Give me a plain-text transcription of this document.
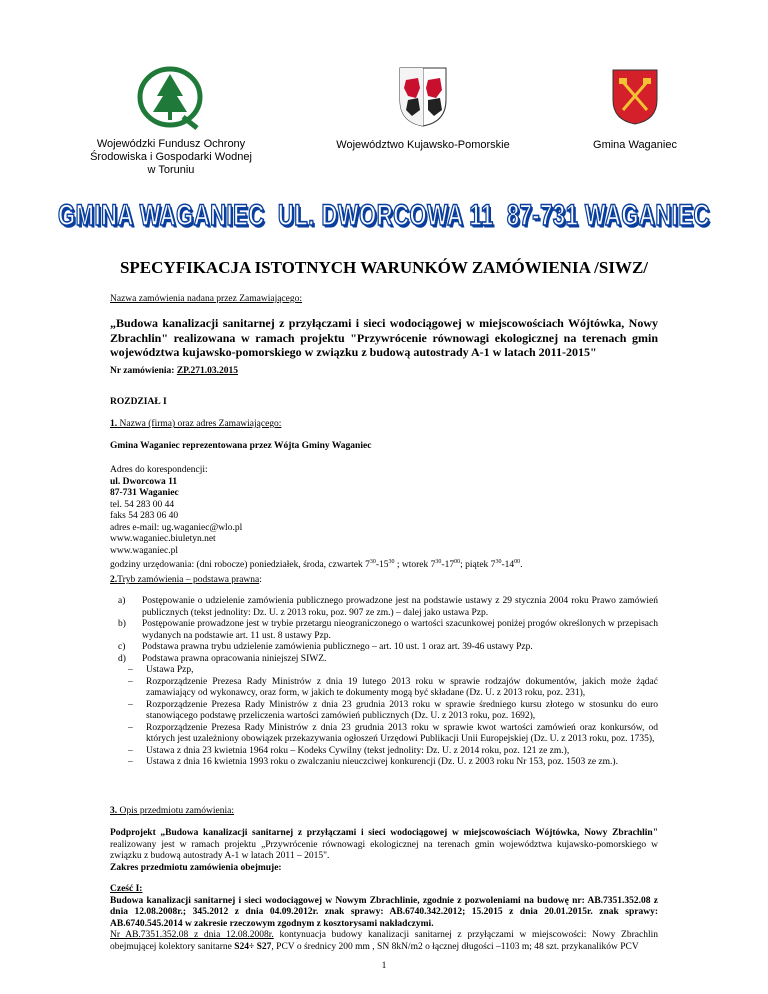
Wojewódzki Fundusz Ochrony
Środowiska i Gospodarki Wodnej
w Toruniu
Województwo Kujawsko-Pomorskie	Gmina Waganiec
GMINA WAGANIEC  UL. DWORCOWA 11  87-731 WAGANIEC
SPECYFIKACJA ISTOTNYCH WARUNKÓW ZAMÓWIENIA /SIWZ/
Nazwa zamówienia nadana przez Zamawiającego:
„Budowa kanalizacji sanitarnej z przyłączami i sieci wodociągowej w miejscowościach Wójtówka, Nowy Zbrachlin" realizowana w ramach projektu "Przywrócenie równowagi ekologicznej na terenach gmin województwa kujawsko-pomorskiego w związku z budową autostrady A-1 w latach 2011-2015"
Nr zamówienia: ZP.271.03.2015
ROZDZIAŁ I
1. Nazwa (firma) oraz adres Zamawiającego:
Gmina Waganiec reprezentowana przez Wójta Gminy Waganiec
Adres do korespondencji:
ul. Dworcowa 11
87-731 Waganiec
tel. 54 283 00 44
faks 54 283 06 40
adres e-mail: ug.waganiec@wlo.pl
www.waganiec.biuletyn.net
www.waganiec.pl
godziny urzędowania: (dni robocze) poniedziałek, środa, czwartek $7^{30}-15^{30}$ ; wtorek $7^{30}-17^{00}$; piątek $7^{30}-14^{00}$.
2.Tryb zamówienia – podstawa prawna:
a)	Postępowanie o udzielenie zamówienia publicznego prowadzone jest na podstawie ustawy z 29 stycznia 2004 roku Prawo zamówień publicznych (tekst jednolity: Dz. U. z 2013 roku, poz. 907 ze zm.) – dalej jako ustawa Pzp.
b)	Postępowanie prowadzone jest w trybie przetargu nieograniczonego o wartości szacunkowej poniżej progów określonych w przepisach wydanych na podstawie art. 11 ust. 8 ustawy Pzp.
c)	Podstawa prawna trybu udzielenie zamówienia publicznego – art. 10 ust. 1 oraz art. 39-46 ustawy Pzp.
d)	Podstawa prawna opracowania niniejszej SIWZ.
–	Ustawa Pzp,
–	Rozporządzenie Prezesa Rady Ministrów z dnia 19 lutego 2013 roku w sprawie rodzajów dokumentów, jakich może żądać zamawiający od wykonawcy, oraz form, w jakich te dokumenty mogą być składane (Dz. U. z 2013 roku, poz. 231),
–	Rozporządzenie Prezesa Rady Ministrów z dnia 23 grudnia 2013 roku w sprawie średniego kursu złotego w stosunku do euro stanowiącego podstawę przeliczenia wartości zamówień publicznych (Dz. U. z 2013 roku, poz. 1692),
–	Rozporządzenie Prezesa Rady Ministrów z dnia 23 grudnia 2013 roku w sprawie kwot wartości zamówień oraz konkursów, od których jest uzależniony obowiązek przekazywania ogłoszeń Urzędowi Publikacji Unii Europejskiej (Dz. U. z 2013 roku, poz. 1735),
–	Ustawa z dnia 23 kwietnia 1964 roku – Kodeks Cywilny (tekst jednolity: Dz. U. z 2014 roku, poz. 121 ze zm.),
–	Ustawa z dnia 16 kwietnia 1993 roku o zwalczaniu nieuczciwej konkurencji (Dz. U. z 2003 roku Nr 153, poz. 1503 ze zm.).
3. Opis przedmiotu zamówienia:
Podprojekt „Budowa kanalizacji sanitarnej z przyłączami i sieci wodociągowej w miejscowościach Wójtówka, Nowy Zbrachlin" realizowany jest w ramach projektu „Przywrócenie równowagi ekologicznej na terenach gmin województwa kujawsko-pomorskiego w związku z budową autostrady A-1 w latach 2011 – 2015".
Zakres przedmiotu zamówienia obejmuje:
Cześć I:
Budowa kanalizacji sanitarnej i sieci wodociągowej w Nowym Zbrachlinie, zgodnie z pozwoleniami na budowę nr: AB.7351.352.08 z dnia 12.08.2008r.; 345.2012 z dnia 04.09.2012r. znak sprawy: AB.6740.342.2012; 15.2015 z dnia 20.01.2015r. znak sprawy: AB.6740.545.2014 w zakresie rzeczowym zgodnym z kosztorysami nakładczymi.
Nr AB.7351.352.08 z dnia 12.08.2008r. kontynuacja budowy kanalizacji sanitarnej z przyłączami w miejscowości: Nowy Zbrachlin obejmującej kolektory sanitarne S24÷ S27, PCV o średnicy 200 mm , SN 8kN/m2 o łącznej długości –1103 m; 48 szt. przykanalików PCV
1
